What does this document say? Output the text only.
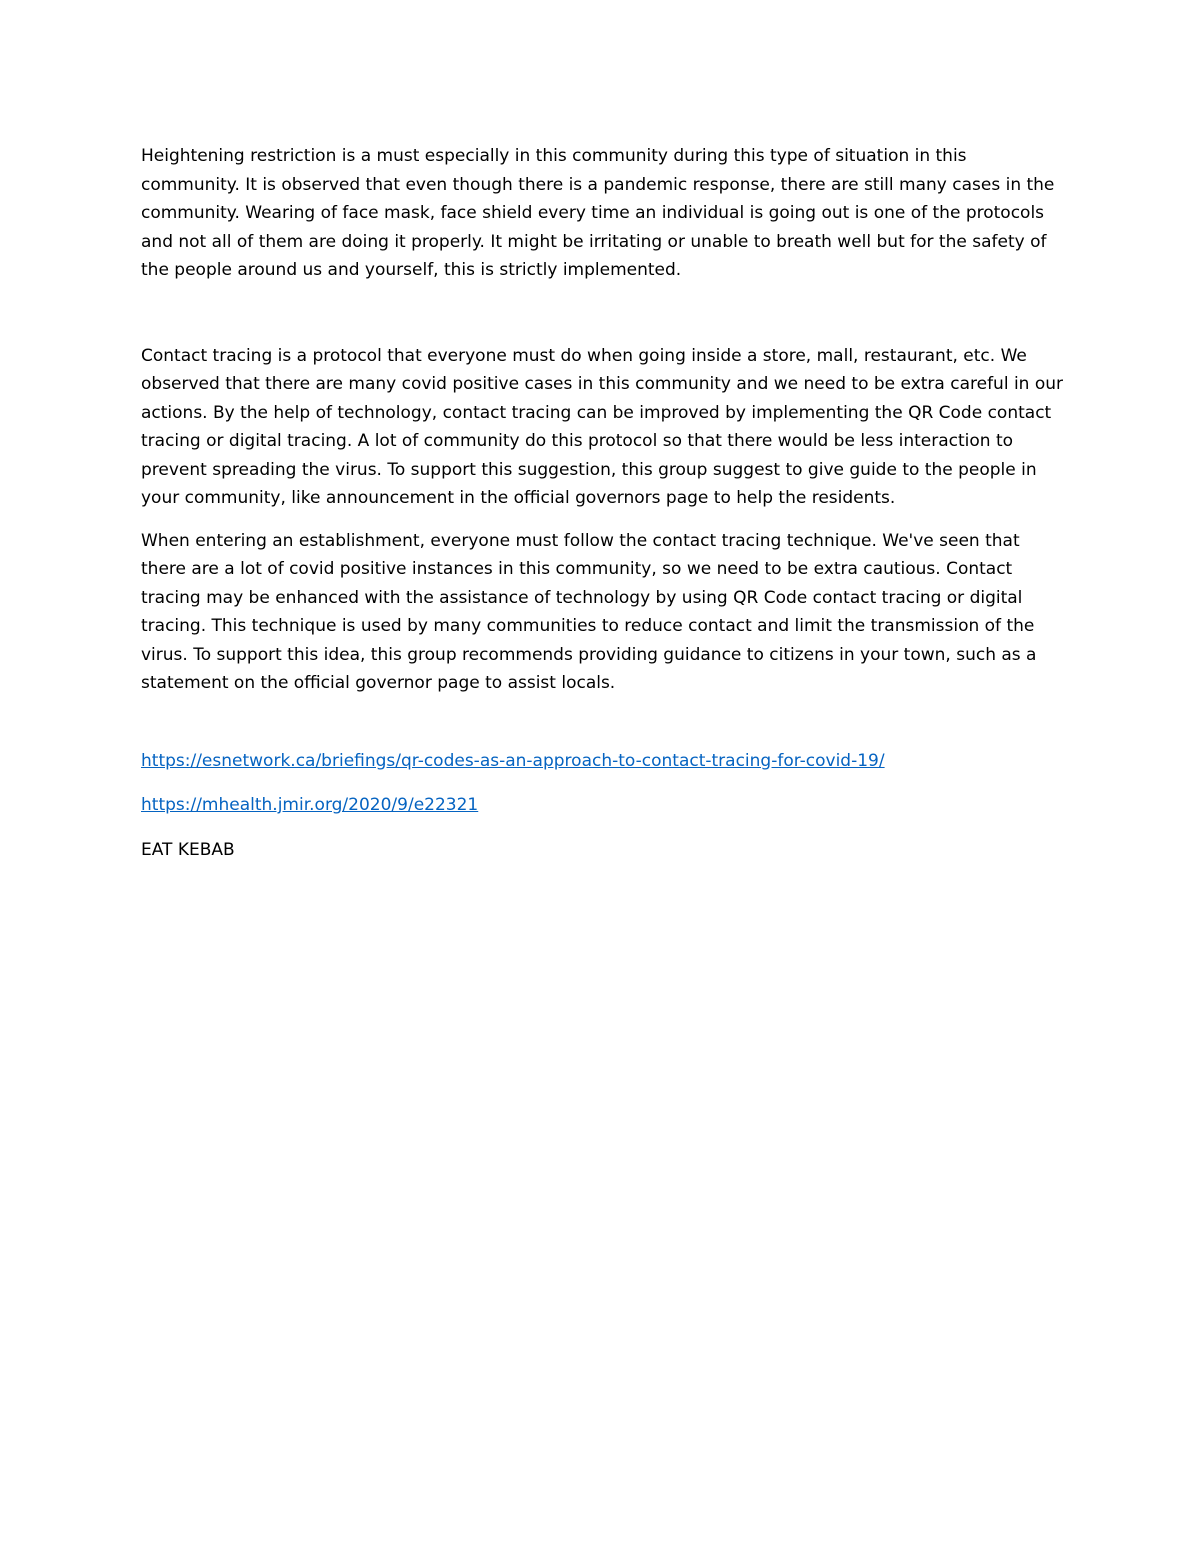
Heightening restriction is a must especially in this community during this type of situation in this community. It is observed that even though there is a pandemic response, there are still many cases in the community. Wearing of face mask, face shield every time an individual is going out is one of the protocols and not all of them are doing it properly. It might be irritating or unable to breath well but for the safety of the people around us and yourself, this is strictly implemented.

Contact tracing is a protocol that everyone must do when going inside a store, mall, restaurant, etc. We observed that there are many covid positive cases in this community and we need to be extra careful in our actions. By the help of technology, contact tracing can be improved by implementing the QR Code contact tracing or digital tracing. A lot of community do this protocol so that there would be less interaction to prevent spreading the virus. To support this suggestion, this group suggest to give guide to the people in your community, like announcement in the official governors page to help the residents.

When entering an establishment, everyone must follow the contact tracing technique. We've seen that there are a lot of covid positive instances in this community, so we need to be extra cautious. Contact tracing may be enhanced with the assistance of technology by using QR Code contact tracing or digital tracing. This technique is used by many communities to reduce contact and limit the transmission of the virus. To support this idea, this group recommends providing guidance to citizens in your town, such as a statement on the official governor page to assist locals.

https://esnetwork.ca/briefings/qr-codes-as-an-approach-to-contact-tracing-for-covid-19/

https://mhealth.jmir.org/2020/9/e22321

EAT KEBAB
